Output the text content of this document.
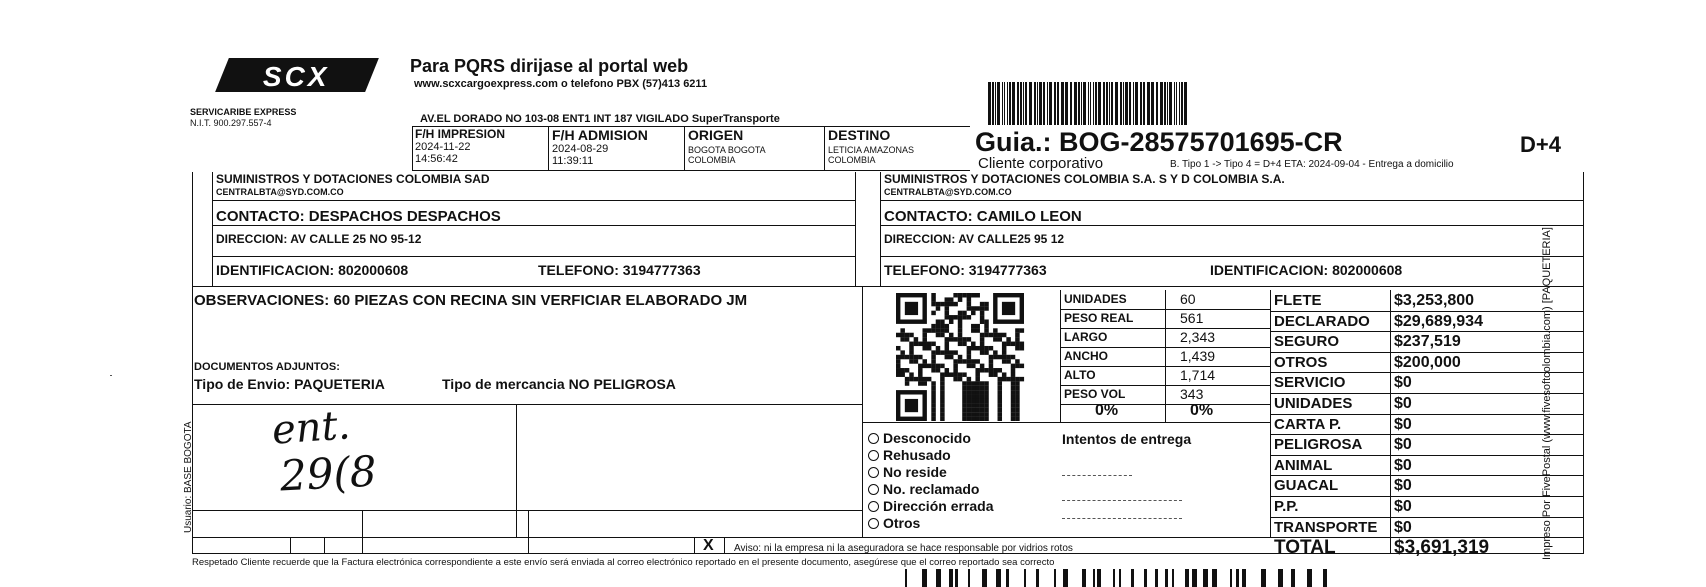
SCX
SERVICARIBE EXPRESS
N.I.T. 900.297.557-4
Para PQRS dirijase al portal web
www.scxcargoexpress.com o telefono PBX (57)413 6211
AV.EL DORADO NO 103-08 ENT1 INT 187 VIGILADO SuperTransporte
Guia.: BOG-28575701695-CR	D+4
Cliente corporativo	B. Tipo 1 -> Tipo 4 = D+4 ETA: 2024-09-04 - Entrega a domicilio
F/H IMPRESION
2024-11-22
14:56:42
F/H ADMISION
2024-08-29
11:39:11
ORIGEN
BOGOTA BOGOTA
COLOMBIA
DESTINO
LETICIA AMAZONAS
COLOMBIA
SUMINISTROS Y DOTACIONES COLOMBIA SAD
CENTRALBTA@SYD.COM.CO
CONTACTO: DESPACHOS DESPACHOS
DIRECCION: AV CALLE 25 NO 95-12
IDENTIFICACION: 802000608	TELEFONO: 3194777363
SUMINISTROS Y DOTACIONES COLOMBIA S.A. S Y D COLOMBIA S.A.
CENTRALBTA@SYD.COM.CO
CONTACTO: CAMILO LEON
DIRECCION: AV CALLE25 95 12
TELEFONO: 3194777363	IDENTIFICACION: 802000608
OBSERVACIONES: 60 PIEZAS CON RECINA SIN VERFICIAR ELABORADO JM
DOCUMENTOS ADJUNTOS:
Tipo de Envio: PAQUETERIA	Tipo de mercancia NO PELIGROSA
ent.
29(8
X Aviso: ni la empresa ni la aseguradora se hace responsable por vidrios rotos
Respetado Cliente recuerde que la Factura electrónica correspondiente a este envío será enviada al correo electrónico reportado en el presente documento, asegúrese que el correo reportado sea correcto
UNIDADES	60
PESO REAL	561
LARGO	2,343
ANCHO	1,439
ALTO	1,714
PESO VOL	343
0%	0%
Desconocido
Rehusado
No reside
No. reclamado
Dirección errada
Otros
Intentos de entrega
FLETE	$3,253,800
DECLARADO $29,689,934
SEGURO	$237,519
OTROS	$200,000
SERVICIO	$0
UNIDADES	$0
CARTA P.	$0
PELIGROSA $0
ANIMAL	$0
GUACAL	$0
P.P.	$0
TRANSPORTE $0
TOTAL	$3,691,319
Usuario: BASE BOGOTA	Impreso Por FivePostal (www.fivesoftcolombia.com) [PAQUETERIA]
